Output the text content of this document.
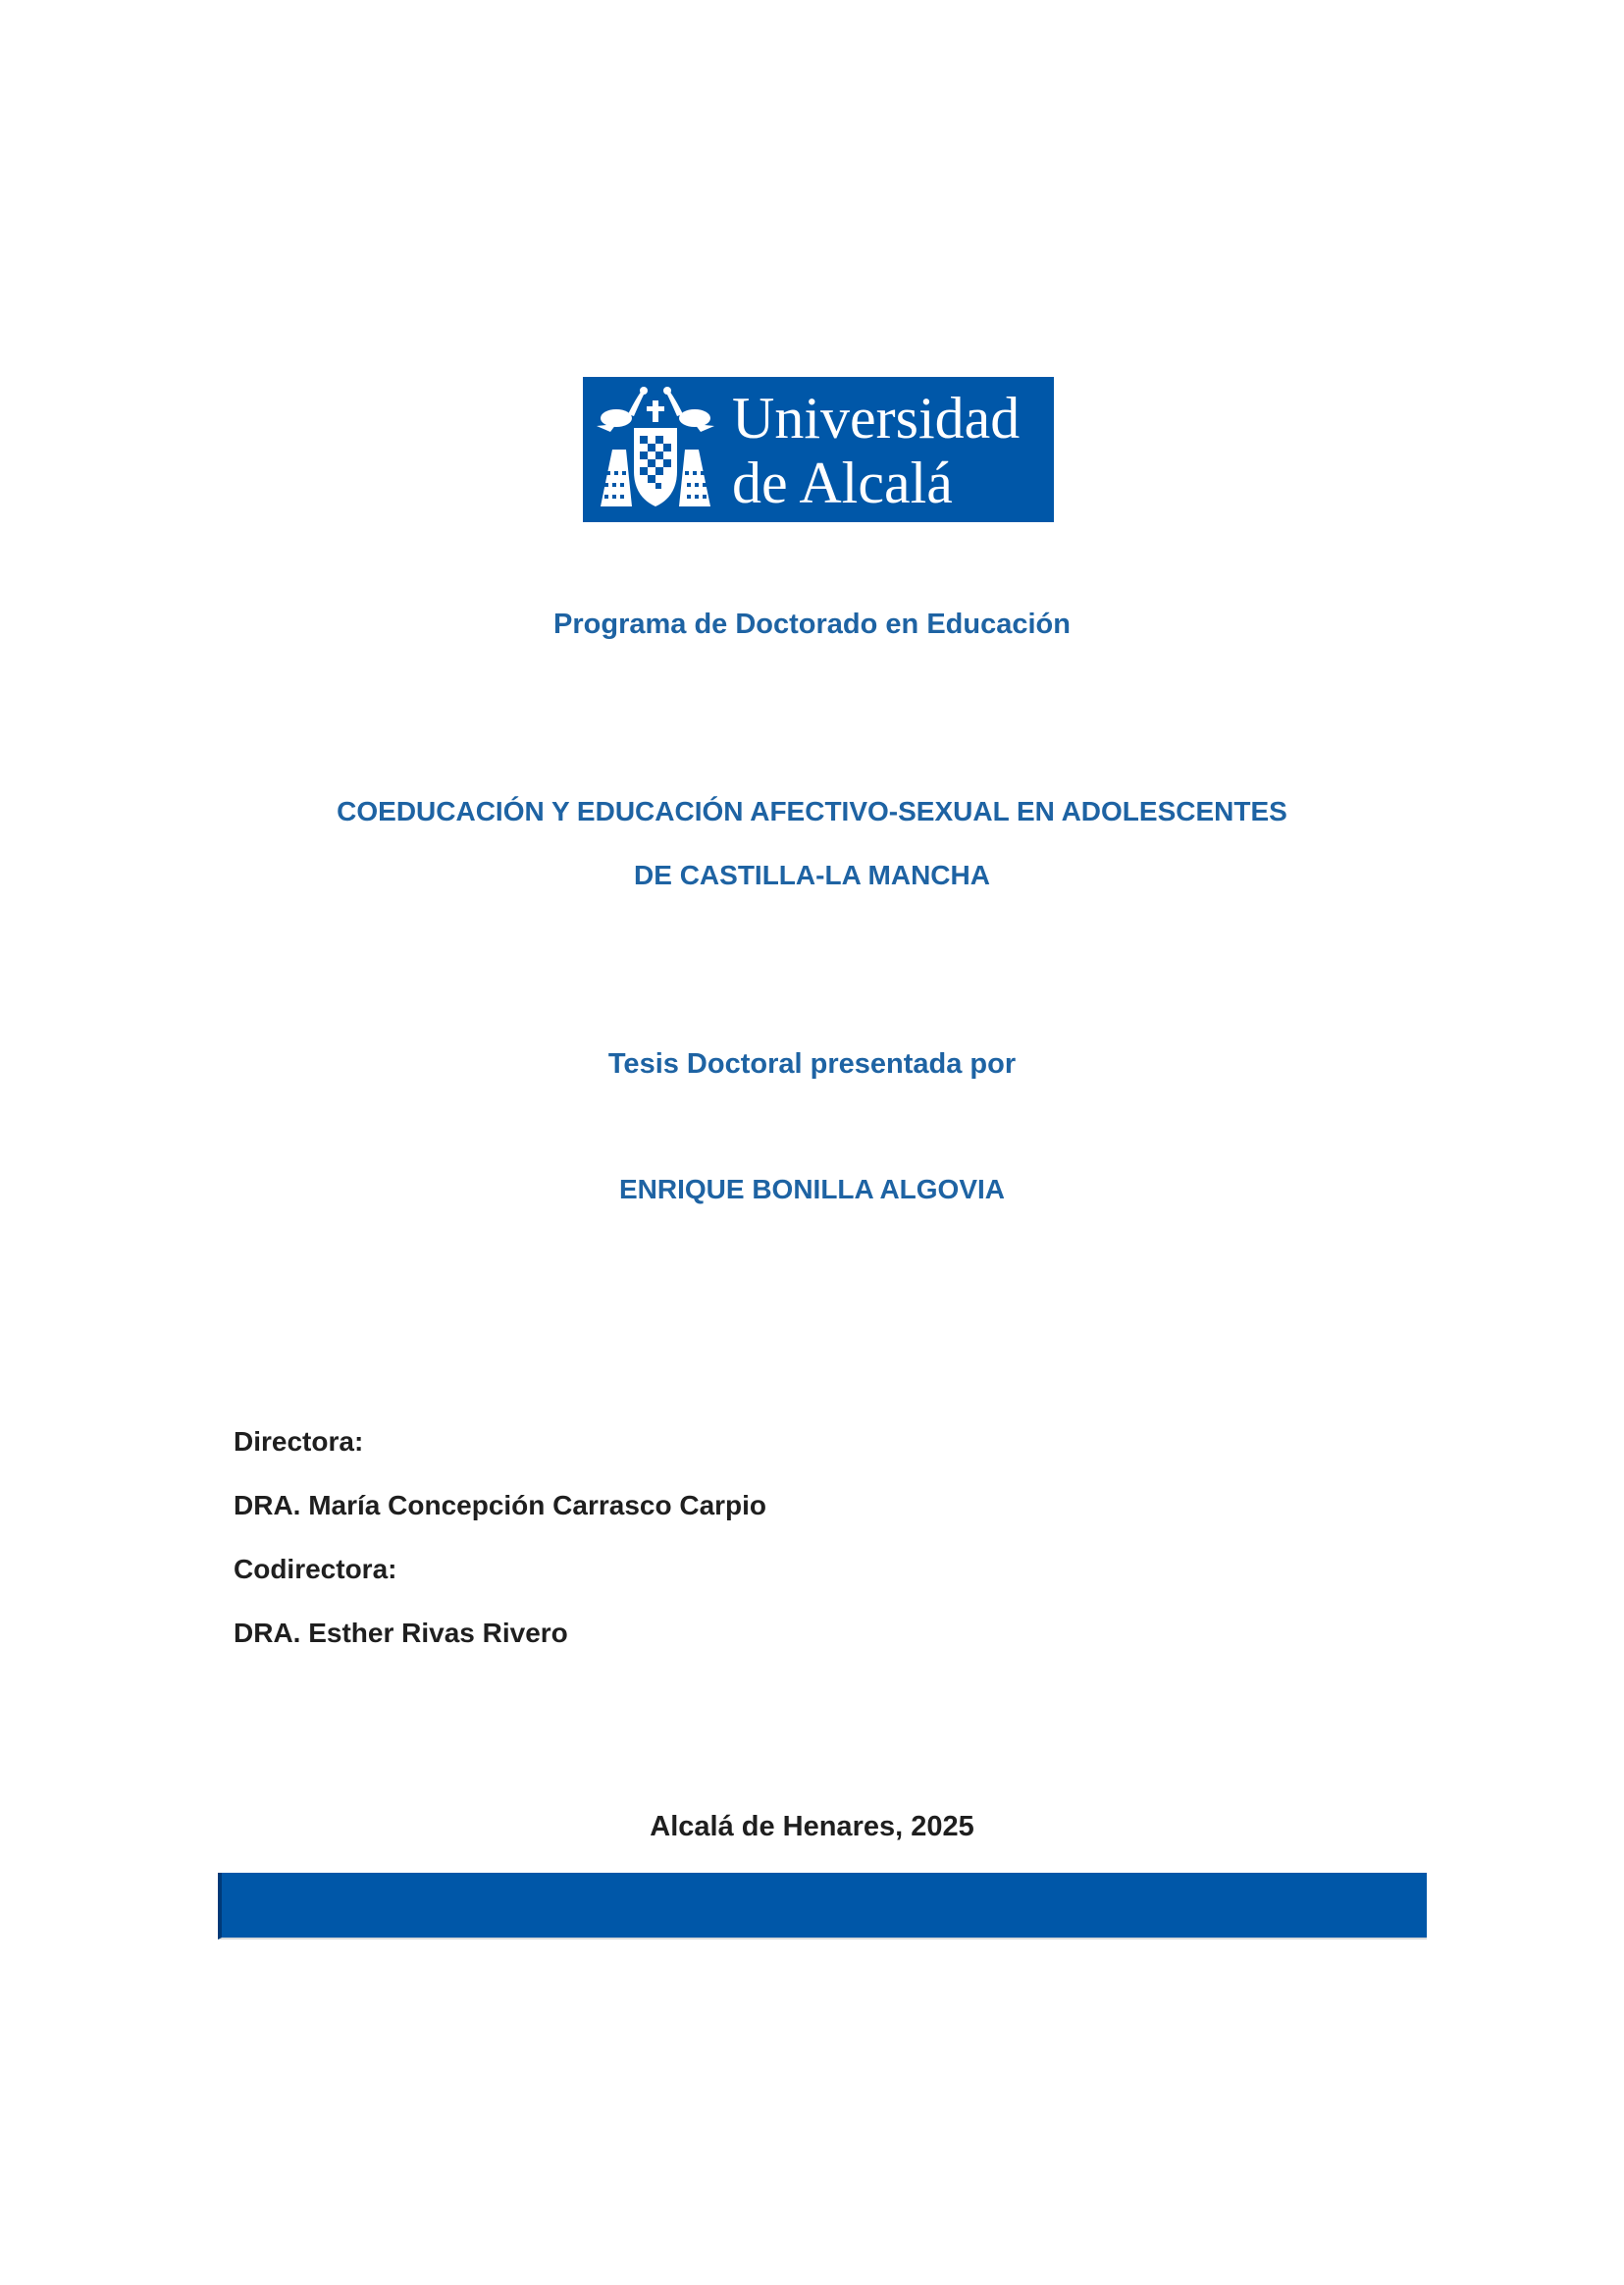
Universidad
de Alcalá
Programa de Doctorado en Educación
COEDUCACIÓN Y EDUCACIÓN AFECTIVO-SEXUAL EN ADOLESCENTES
DE CASTILLA-LA MANCHA
Tesis Doctoral presentada por
ENRIQUE BONILLA ALGOVIA
Directora:
DRA. María Concepción Carrasco Carpio
Codirectora:
DRA. Esther Rivas Rivero
Alcalá de Henares, 2025
